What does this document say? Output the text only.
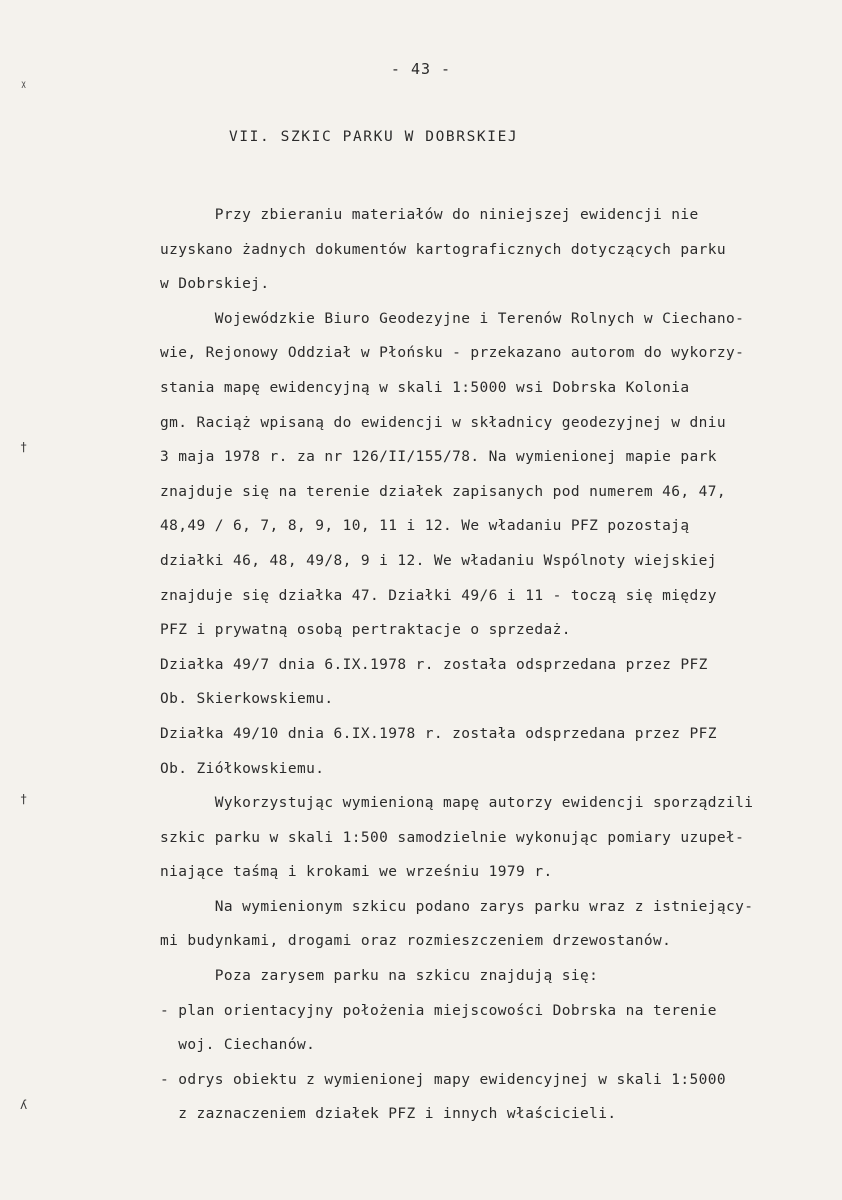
ᵡ
†
†
ʎ
- 43 -
VII. SZKIC PARKU W DOBRSKIEJ
Przy zbieraniu materiałów do niniejszej ewidencji nie
uzyskano żadnych dokumentów kartograficznych dotyczących parku
w Dobrskiej.
Wojewódzkie Biuro Geodezyjne i Terenów Rolnych w Ciechano-
wie, Rejonowy Oddział w Płońsku - przekazano autorom do wykorzy-
stania mapę ewidencyjną w skali 1:5000 wsi Dobrska Kolonia
gm. Raciąż wpisaną do ewidencji w składnicy geodezyjnej w dniu
3 maja 1978 r. za nr 126/II/155/78. Na wymienionej mapie park
znajduje się na terenie działek zapisanych pod numerem 46, 47,
48,49 / 6, 7, 8, 9, 10, 11 i 12. We władaniu PFZ pozostają
działki 46, 48, 49/8, 9 i 12. We władaniu Wspólnoty wiejskiej
znajduje się działka 47. Działki 49/6 i 11 - toczą się między
PFZ i prywatną osobą pertraktacje o sprzedaż.
Działka 49/7 dnia 6.IX.1978 r. została odsprzedana przez PFZ
Ob. Skierkowskiemu.
Działka 49/10 dnia 6.IX.1978 r. została odsprzedana przez PFZ
Ob. Ziółkowskiemu.
Wykorzystując wymienioną mapę autorzy ewidencji sporządzili
szkic parku w skali 1:500 samodzielnie wykonując pomiary uzupeł-
niające taśmą i krokami we wrześniu 1979 r.
Na wymienionym szkicu podano zarys parku wraz z istniejący-
mi budynkami, drogami oraz rozmieszczeniem drzewostanów.
Poza zarysem parku na szkicu znajdują się:
- plan orientacyjny położenia miejscowości Dobrska na terenie
woj. Ciechanów.
- odrys obiektu z wymienionej mapy ewidencyjnej w skali 1:5000
z zaznaczeniem działek PFZ i innych właścicieli.
